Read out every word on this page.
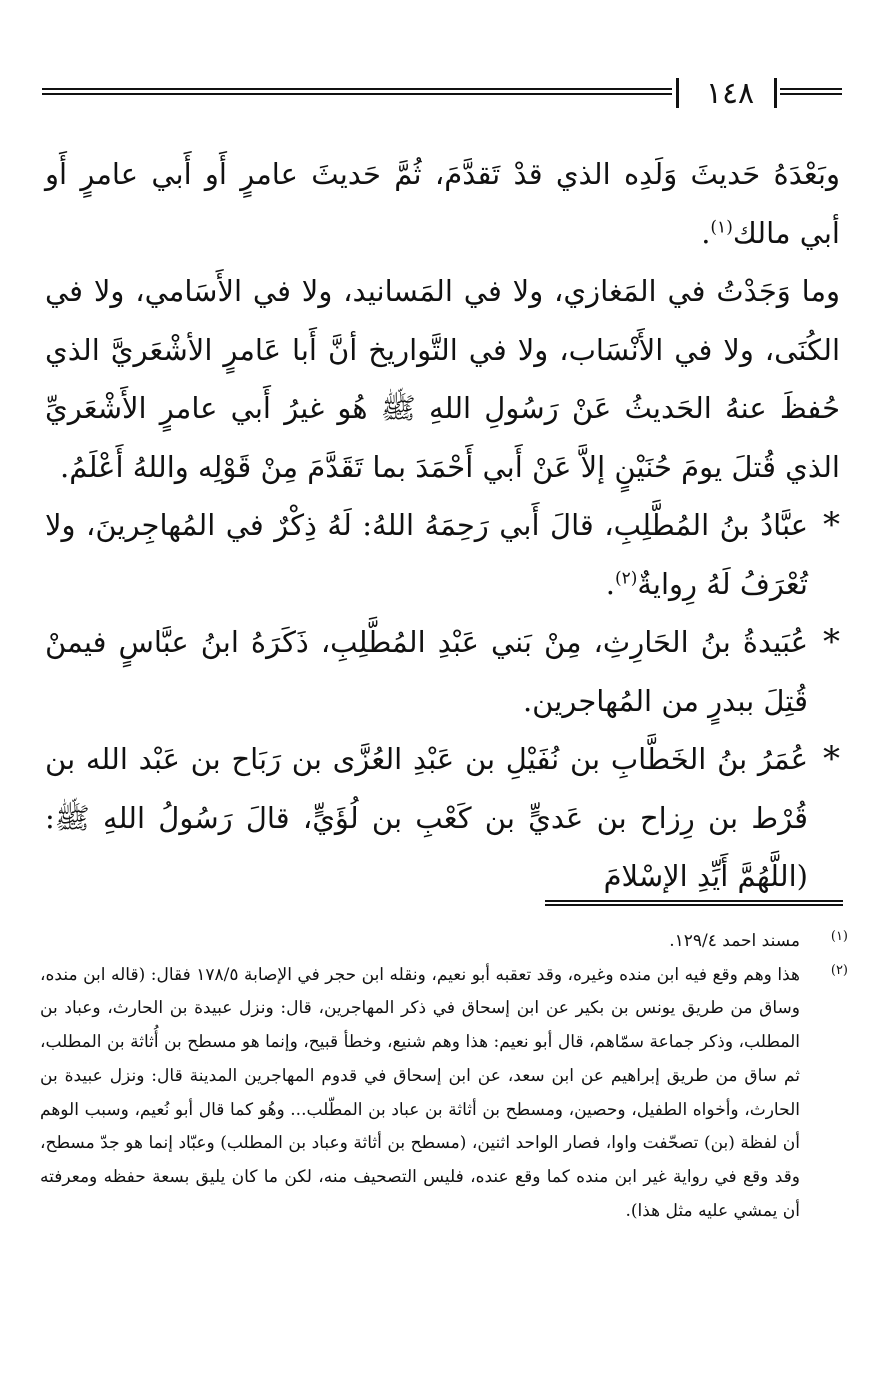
١٤٨

وبَعْدَهُ حَديثَ وَلَدِه الذي قدْ تَقدَّمَ، ثُمَّ حَديثَ عامرٍ أَو أَبي عامرٍ أَو أبي مالك$^{(١)}$.

وما وَجَدْتُ في المَغازي، ولا في المَسانيد، ولا في الأَسَامي، ولا في الكُنَى، ولا في الأَنْسَاب، ولا في التَّواريخ أنَّ أَبا عَامرٍ الأشْعَريَّ الذي حُفظَ عنهُ الحَديثُ عَنْ رَسُولِ اللهِ ﷺ هُو غيرُ أَبي عامرٍ الأَشْعَريِّ الذي قُتلَ يومَ حُنَيْنٍ إلاَّ عَنْ أَبي أَحْمَدَ بما تَقَدَّمَ مِنْ قَوْلِه واللهُ أَعْلَمُ.

*
عبَّادُ بنُ المُطَّلِبِ، قالَ أَبي رَحِمَهُ اللهُ: لَهُ ذِكْرٌ في المُهاجِرينَ، ولا تُعْرَفُ لَهُ رِوايةٌ$^{(٢)}$.

*
عُبَيدةُ بنُ الحَارِثِ، مِنْ بَني عَبْدِ المُطَّلِبِ، ذَكَرَهُ ابنُ عبَّاسٍ فيمنْ قُتِلَ ببدرٍ من المُهاجرين.

*
عُمَرُ بنُ الخَطَّابِ بن نُفَيْلِ بن عَبْدِ العُزَّى بن رَبَاح بن عَبْد الله بن قُرْط بن رِزاح بن عَديٍّ بن كَعْبِ بن لُؤَيٍّ، قالَ رَسُولُ اللهِ ﷺ: (اللَّهُمَّ أَيِّدِ الإسْلامَ

(١)
مسند احمد ١٢٩/٤.

(٢)
هذا وهم وقع فيه ابن منده وغيره، وقد تعقبه أبو نعيم، ونقله ابن حجر في الإصابة ١٧٨/٥ فقال: (قاله ابن منده، وساق من طريق يونس بن بكير عن ابن إسحاق في ذكر المهاجرين، قال: ونزل عبيدة بن الحارث، وعباد بن المطلب، وذكر جماعة سمّاهم، قال أبو نعيم: هذا وهم شنيع، وخطأ قبيح، وإنما هو مسطح بن أُثاثة بن المطلب، ثم ساق من طريق إبراهيم عن ابن سعد، عن ابن إسحاق في قدوم المهاجرين المدينة قال: ونزل عبيدة بن الحارث، وأخواه الطفيل، وحصين، ومسطح بن أثاثة بن عباد بن المطّلب... وهُو كما قال أبو نُعيم، وسبب الوهم أن لفظة (بن) تصحّفت واوا، فصار الواحد اثنين، (مسطح بن أثاثة وعباد بن المطلب) وعبّاد إنما هو جدّ مسطح، وقد وقع في رواية غير ابن منده كما وقع عنده، فليس التصحيف منه، لكن ما كان يليق بسعة حفظه ومعرفته أن يمشي عليه مثل هذا).
